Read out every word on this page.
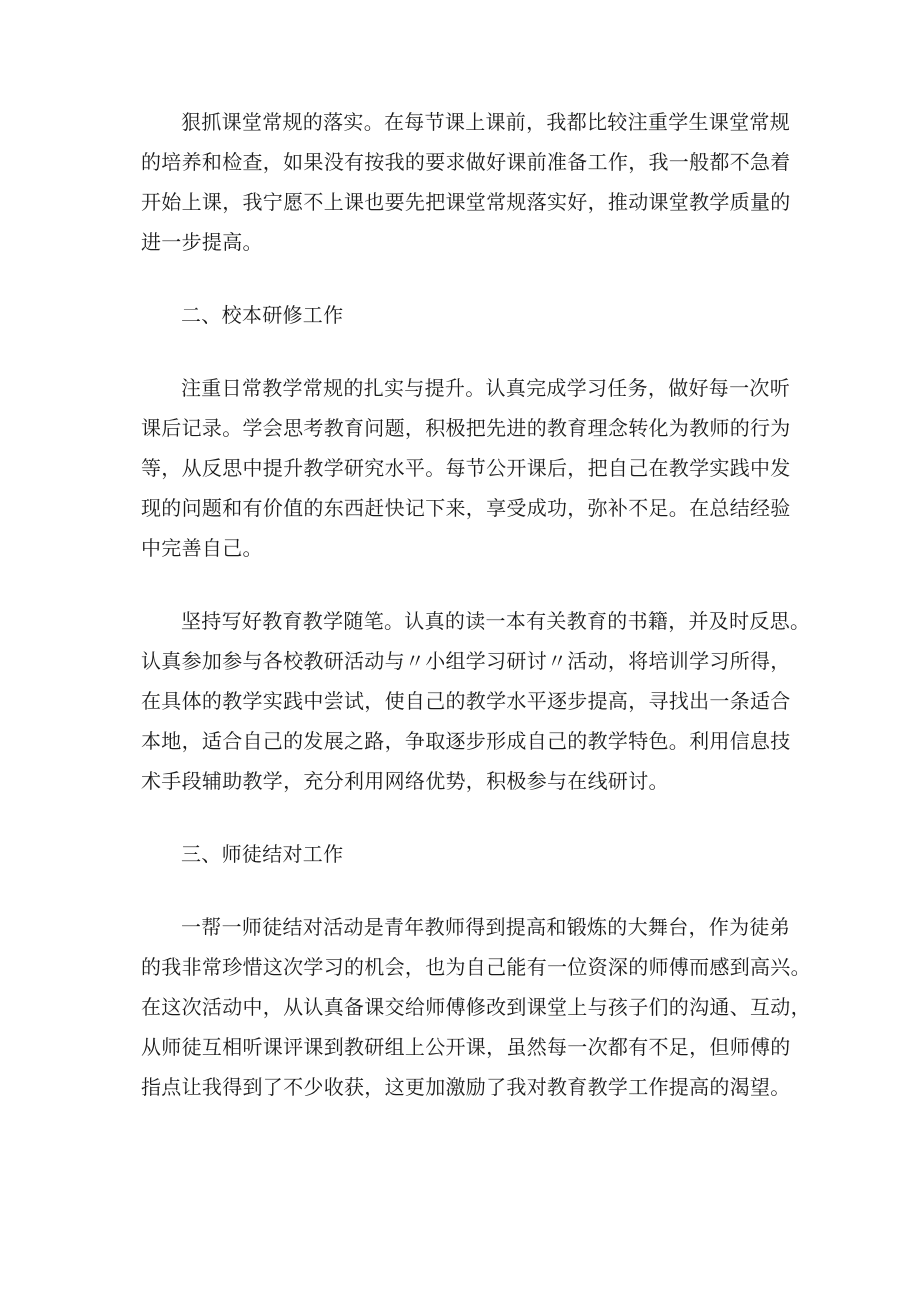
狠抓课堂常规的落实。在每节课上课前，我都比较注重学生课堂常规
的培养和检查，如果没有按我的要求做好课前准备工作，我一般都不急着
开始上课，我宁愿不上课也要先把课堂常规落实好，推动课堂教学质量的
进一步提高。

二、校本研修工作

注重日常教学常规的扎实与提升。认真完成学习任务，做好每一次听
课后记录。学会思考教育问题，积极把先进的教育理念转化为教师的行为
等，从反思中提升教学研究水平。每节公开课后，把自己在教学实践中发
现的问题和有价值的东西赶快记下来，享受成功，弥补不足。在总结经验
中完善自己。

坚持写好教育教学随笔。认真的读一本有关教育的书籍，并及时反思。
认真参加参与各校教研活动与〃小组学习研讨〃活动，将培训学习所得，
在具体的教学实践中尝试，使自己的教学水平逐步提高，寻找出一条适合
本地，适合自己的发展之路，争取逐步形成自己的教学特色。利用信息技
术手段辅助教学，充分利用网络优势，积极参与在线研讨。

三、师徒结对工作

一帮一师徒结对活动是青年教师得到提高和锻炼的大舞台，作为徒弟
的我非常珍惜这次学习的机会，也为自己能有一位资深的师傅而感到高兴。
在这次活动中，从认真备课交给师傅修改到课堂上与孩子们的沟通、互动，
从师徒互相听课评课到教研组上公开课，虽然每一次都有不足，但师傅的
指点让我得到了不少收获，这更加激励了我对教育教学工作提高的渴望。
